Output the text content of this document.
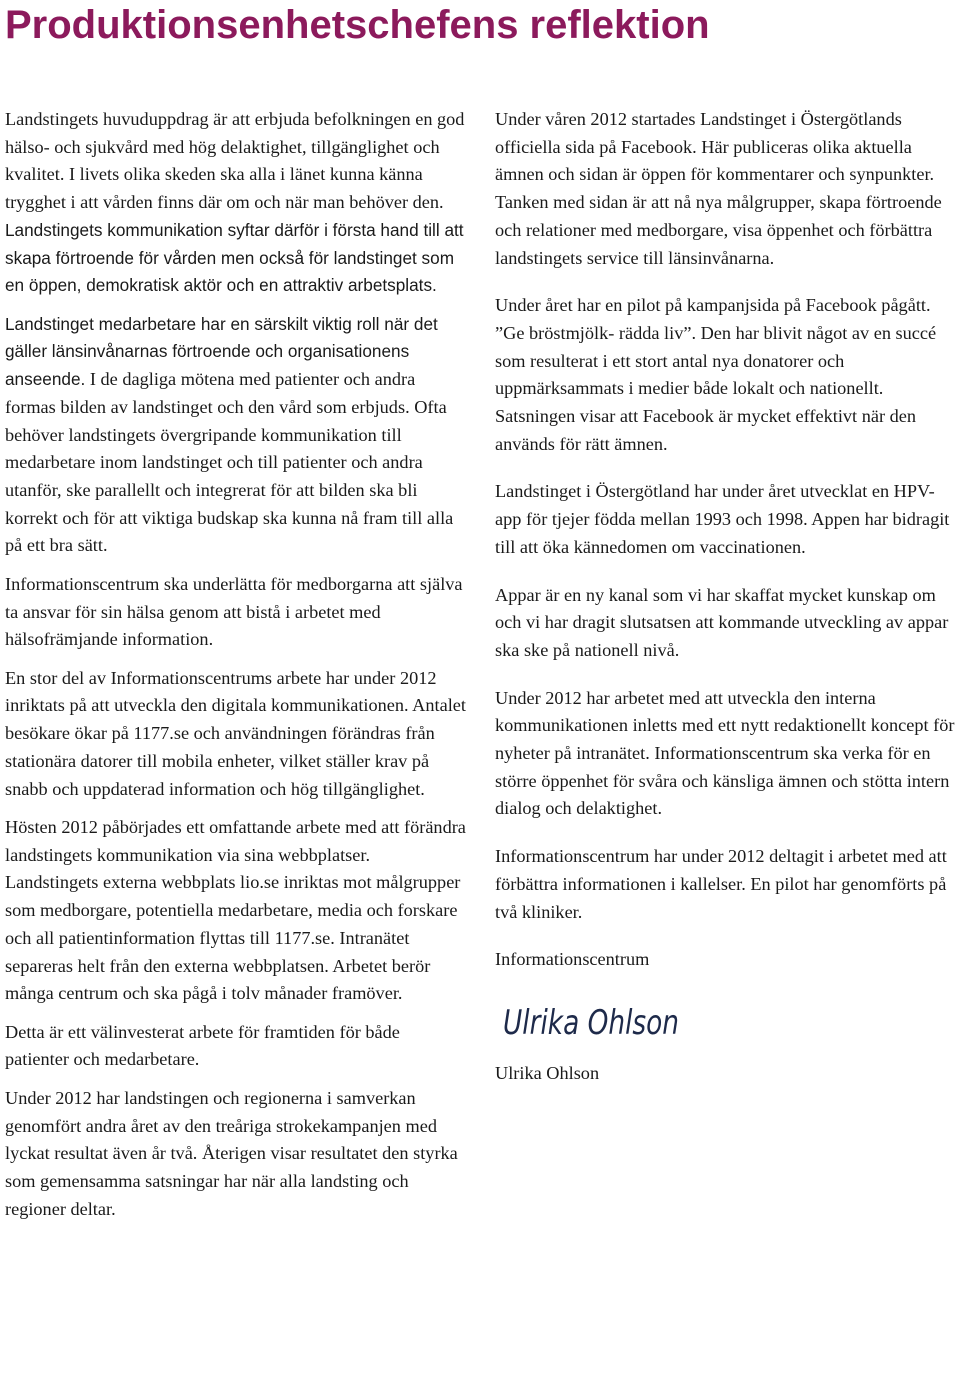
Produktionsenhetschefens reflektion

Landstingets huvuduppdrag är att erbjuda befolkningen en god hälso- och sjukvård med hög delaktighet, tillgänglighet och kvalitet. I livets olika skeden ska alla i länet kunna känna trygghet i att vården finns där om och när man behöver den. Landstingets kommunikation syftar därför i första hand till att skapa förtroende för vården men också för landstinget som en öppen, demokratisk aktör och en attraktiv arbetsplats.

Landstinget medarbetare har en särskilt viktig roll när det gäller länsinvånarnas förtroende och organisationens anseende. I de dagliga mötena med patienter och andra formas bilden av landstinget och den vård som erbjuds. Ofta behöver landstingets övergripande kommunikation till medarbetare inom landstinget och till patienter och andra utanför, ske parallellt och integrerat för att bilden ska bli korrekt och för att viktiga budskap ska kunna nå fram till alla på ett bra sätt.

Informationscentrum ska underlätta för medborgarna att själva ta ansvar för sin hälsa genom att bistå i arbetet med hälsofrämjande information.

En stor del av Informationscentrums arbete har under 2012 inriktats på att utveckla den digitala kommunikationen. Antalet besökare ökar på 1177.se och användningen förändras från stationära datorer till mobila enheter, vilket ställer krav på snabb och uppdaterad information och hög tillgänglighet.

Hösten 2012 påbörjades ett omfattande arbete med att förändra landstingets kommunikation via sina webbplatser. Landstingets externa webbplats lio.se inriktas mot målgrupper som medborgare, potentiella medarbetare, media och forskare och all patientinformation flyttas till 1177.se. Intranätet separeras helt från den externa webbplatsen. Arbetet berör många centrum och ska pågå i tolv månader framöver.

Detta är ett välinvesterat arbete för framtiden för både patienter och medarbetare.

Under 2012 har landstingen och regionerna i samverkan genomfört andra året av den treåriga strokekampanjen med lyckat resultat även år två. Återigen visar resultatet den styrka som gemensamma satsningar har när alla landsting och regioner deltar.

Under våren 2012 startades Landstinget i Östergötlands officiella sida på Facebook. Här publiceras olika aktuella ämnen och sidan är öppen för kommentarer och synpunkter. Tanken med sidan är att nå nya målgrupper, skapa förtroende och relationer med medborgare, visa öppenhet och förbättra landstingets service till länsinvånarna.

Under året har en pilot på kampanjsida på Facebook pågått. ”Ge bröstmjölk- rädda liv”. Den har blivit något av en succé som resulterat i ett stort antal nya donatorer och uppmärksammats i medier både lokalt och nationellt. Satsningen visar att Facebook är mycket effektivt när den används för rätt ämnen.

Landstinget i Östergötland har under året utvecklat en HPV-app för tjejer födda mellan 1993 och 1998. Appen har bidragit till att öka kännedomen om vaccinationen.

Appar är en ny kanal som vi har skaffat mycket kunskap om och vi har dragit slutsatsen att kommande utveckling av appar ska ske på nationell nivå.

Under 2012 har arbetet med att utveckla den interna kommunikationen inletts med ett nytt redaktionellt koncept för nyheter på intranätet. Informationscentrum ska verka för en större öppenhet för svåra och känsliga ämnen och stötta intern dialog och delaktighet.

Informationscentrum har under 2012 deltagit i arbetet med att förbättra informationen i kallelser. En pilot har genomförts på två kliniker.

Informationscentrum

Ulrika Ohlson

Ulrika Ohlson
